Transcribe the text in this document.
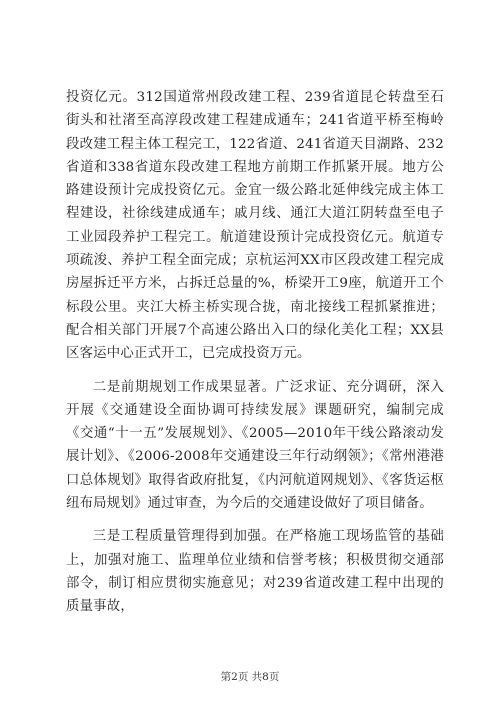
投资亿元。312国道常州段改建工程、239省道昆仑转盘至石街头和社渚至高淳段改建工程建成通车；241省道平桥至梅岭段改建工程主体工程完工，122省道、241省道天目湖路、232省道和338省道东段改建工程地方前期工作抓紧开展。地方公路建设预计完成投资亿元。金宜一级公路北延伸线完成主体工程建设，社徐线建成通车；戚月线、通江大道江阴转盘至电子工业园段养护工程完工。航道建设预计完成投资亿元。航道专项疏浚、养护工程全面完成；京杭运河XX市区段改建工程完成房屋拆迁平方米，占拆迁总量的%，桥梁开工9座，航道开工个标段公里。夹江大桥主桥实现合拢，南北接线工程抓紧推进；配合相关部门开展7个高速公路出入口的绿化美化工程；XX县区客运中心正式开工，已完成投资万元。

二是前期规划工作成果显著。广泛求证、充分调研，深入开展《交通建设全面协调可持续发展》课题研究，编制完成《交通“十一五”发展规划》、《2005—2010年干线公路滚动发展计划》、《2006-2008年交通建设三年行动纲领》；《常州港港口总体规划》取得省政府批复，《内河航道网规划》、《客货运枢纽布局规划》通过审查，为今后的交通建设做好了项目储备。

三是工程质量管理得到加强。在严格施工现场监管的基础上，加强对施工、监理单位业绩和信誉考核；积极贯彻交通部部令，制订相应贯彻实施意见；对239省道改建工程中出现的质量事故，

第2页 共8页
